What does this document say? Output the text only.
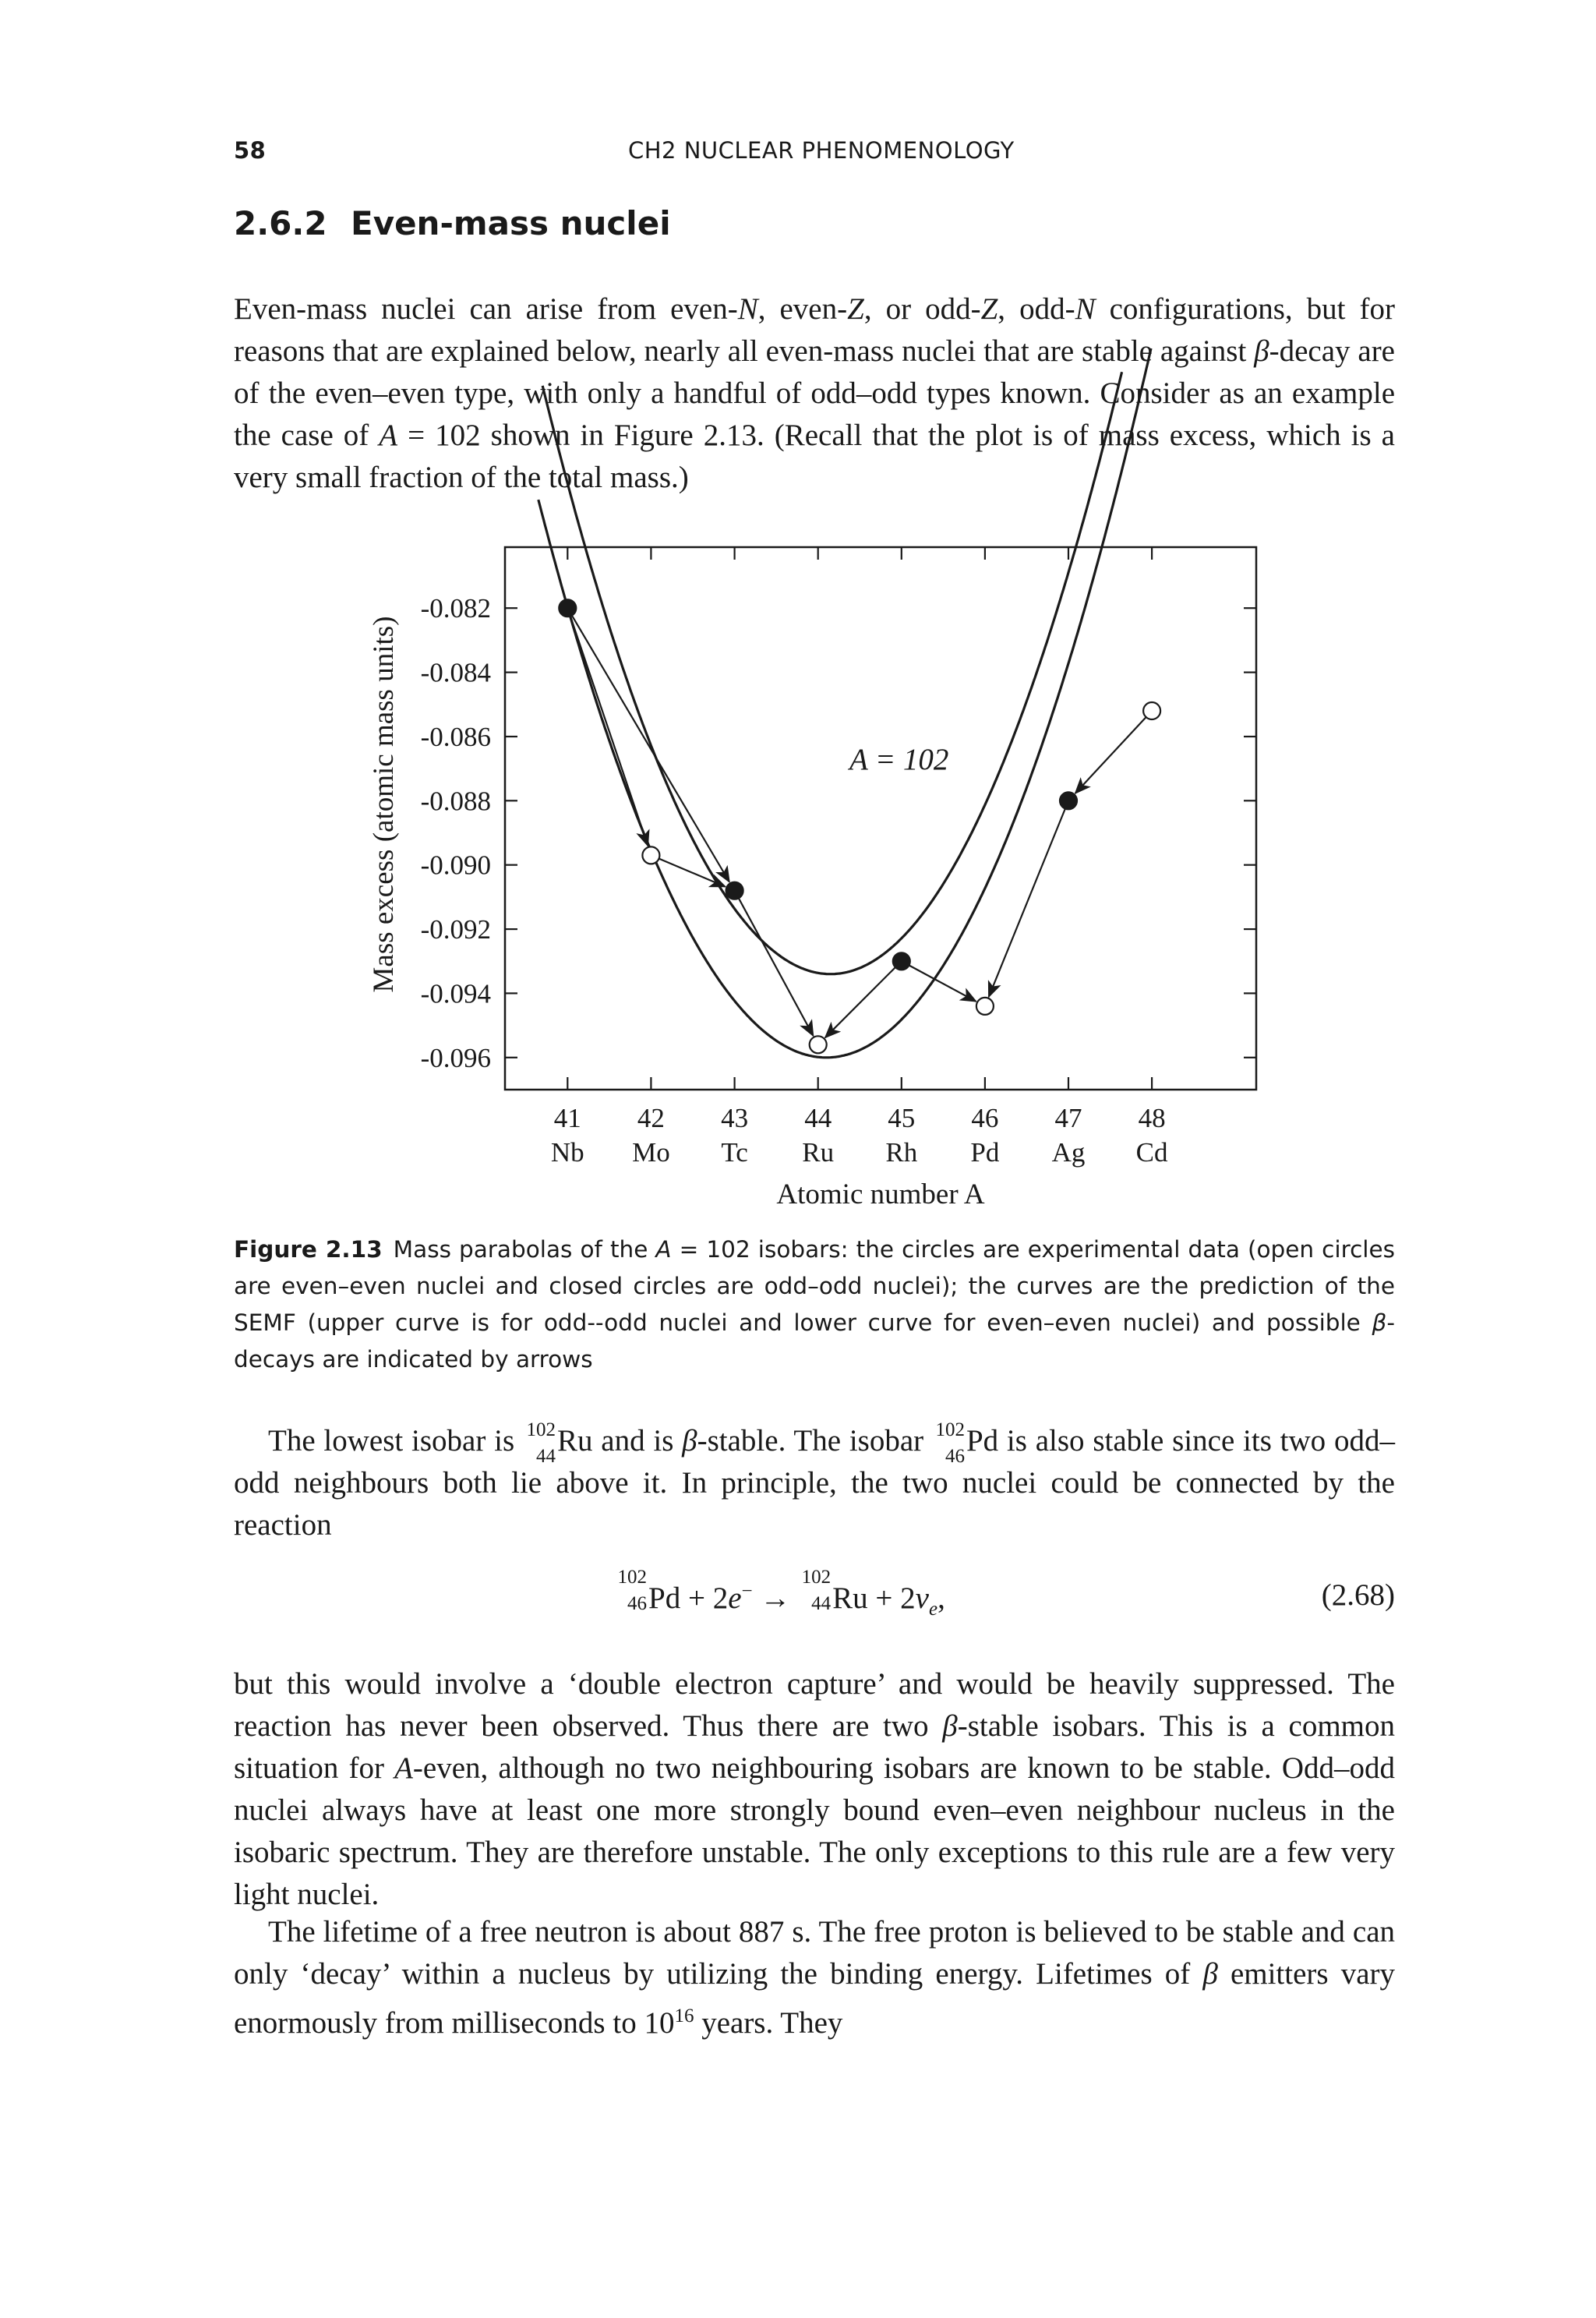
58	CH2 NUCLEAR PHENOMENOLOGY
2.6.2 Even-mass nuclei

Even-mass nuclei can arise from even-N, even-Z, or odd-Z, odd-N configurations, but for reasons that are explained below, nearly all even-mass nuclei that are stable against β-decay are of the even–even type, with only a handful of odd–odd types known. Consider as an example the case of A = 102 shown in Figure 2.13. (Recall that the plot is of mass excess, which is a very small fraction of the total mass.)

-0.082
-0.084
-0.086
-0.088
-0.090
-0.092
-0.094
-0.096
41
Nb
42
Mo
43
Tc
44
Ru
45
Rh
46
Pd
47
Ag
48
Cd
A = 102
Atomic number A
Mass excess (atomic mass units)

Figure 2.13 Mass parabolas of the A = 102 isobars: the circles are experimental data (open circles are even–even nuclei and closed circles are odd–odd nuclei); the curves are the prediction of the SEMF (upper curve is for odd--odd nuclei and lower curve for even–even nuclei) and possible β-decays are indicated by arrows

The lowest isobar is 102
44 Ru and is β-stable. The isobar 102
46 Pd is also stable since its two odd–odd neighbours both lie above it. In principle, the two nuclei could be connected by the reaction

102
46 Pd + 2e− →
102
44 $Ru + 2\nu_e$,	(2.68)

but this would involve a ‘double electron capture’ and would be heavily suppressed. The reaction has never been observed. Thus there are two β-stable isobars. This is a common situation for A-even, although no two neighbouring isobars are known to be stable. Odd–odd nuclei always have at least one more strongly bound even–even neighbour nucleus in the isobaric spectrum. They are therefore unstable. The only exceptions to this rule are a few very light nuclei.

The lifetime of a free neutron is about 887 s. The free proton is believed to be stable and can only ‘decay’ within a nucleus by utilizing the binding energy. Lifetimes of β emitters vary enormously from milliseconds to $10^{16}$ years. They
